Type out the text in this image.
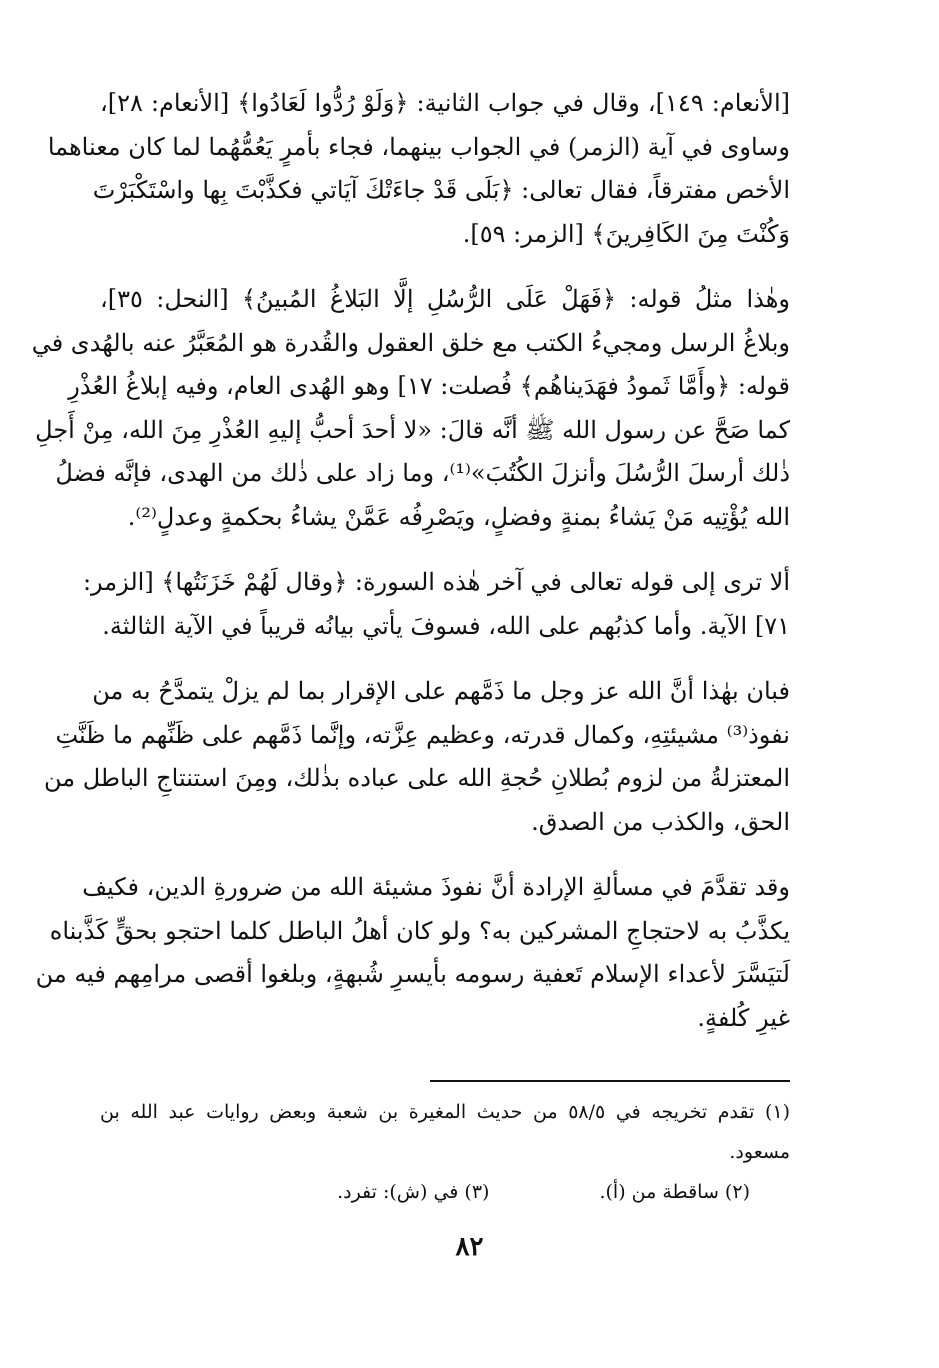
[الأنعام: ١٤٩]، وقال في جواب الثانية: ﴿وَلَوْ رُدُّوا لَعَادُوا﴾ [الأنعام: ٢٨]،
وساوى في آية (الزمر) في الجواب بينهما، فجاء بأمرٍ يَعُمُّهُما لما كان معناهما
الأخص مفترقاً، فقال تعالى: ﴿بَلَى قَدْ جاءَتْكَ آيَاتي فكذَّبْتَ بِها واسْتَكْبَرْتَ
وَكُنْتَ مِنَ الكَافِرينَ﴾ [الزمر: ٥٩].
وهٰذا مثلُ قوله: ﴿فَهَلْ عَلَى الرُّسُلِ إلَّا البَلاغُ المُبينُ﴾ [النحل: ٣٥]،
وبلاغُ الرسل ومجيءُ الكتب مع خلق العقول والقُدرة هو المُعَبَّرُ عنه بالهُدى في
قوله: ﴿وأَمَّا ثَمودُ فهَدَيناهُم﴾ فُصلت: ١٧] وهو الهُدى العام، وفيه إبلاغُ العُذْرِ
كما صَحَّ عن رسول الله ﷺ أنَّه قالَ: «لا أحدَ أحبُّ إليهِ العُذْرِ مِنَ الله، مِنْ أَجلِ
ذٰلك أرسلَ الرُّسُلَ وأنزلَ الكُتُبَ»⁽¹⁾، وما زاد على ذٰلك من الهدى، فإنَّه فضلُ
الله يُؤْتِيه مَنْ يَشاءُ بمنةٍ وفضلٍ، ويَصْرِفُه عَمَّنْ يشاءُ بحكمةٍ وعدلٍ⁽²⁾.
ألا ترى إلى قوله تعالى في آخر هٰذه السورة: ﴿وقال لَهُمْ خَزَنَتُها﴾ [الزمر:
٧١] الآية. وأما كذبُهم على الله، فسوفَ يأتي بيانُه قريباً في الآية الثالثة.
فبان بهٰذا أنَّ الله عز وجل ما ذَمَّهم على الإقرار بما لم يزلْ يتمدَّحُ به من
نفوذ⁽³⁾ مشيئتِهِ، وكمال قدرته، وعظيم عِزَّته، وإنَّما ذَمَّهم على ظَنِّهم ما ظَنَّتِ
المعتزلةُ من لزوم بُطلانِ حُجةِ الله على عباده بذٰلك، ومِنَ استنتاجِ الباطل من
الحق، والكذب من الصدق.
وقد تقدَّمَ في مسألةِ الإرادة أنَّ نفوذَ مشيئة الله من ضرورةِ الدين، فكيف
يكذَّبُ به لاحتجاجِ المشركين به؟ ولو كان أهلُ الباطل كلما احتجو بحقٍّ كَذَّبناه
لَتيَسَّرَ لأعداء الإسلام تَعفية رسومه بأيسرِ شُبهةٍ، وبلغوا أقصى مرامِهم فيه من
غيرِ كُلفةٍ.
(١) تقدم تخريجه في ٥٨/٥ من حديث المغيرة بن شعبة وبعض روايات عبد الله بن
مسعود.
(٢) ساقطة من (أ).
(٣) في (ش): تفرد.
٨٢
